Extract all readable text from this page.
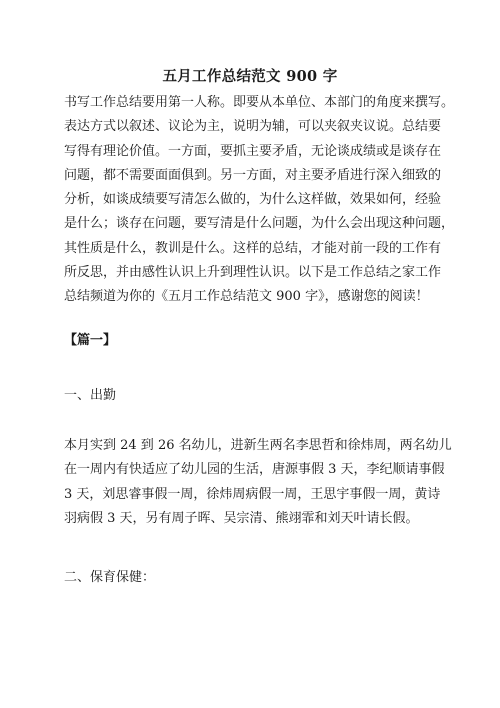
五月工作总结范文 900 字
书写工作总结要用第一人称。即要从本单位、本部门的角度来撰写。
表达方式以叙述、议论为主，说明为辅，可以夹叙夹议说。总结要
写得有理论价值。一方面，要抓主要矛盾，无论谈成绩或是谈存在
问题，都不需要面面俱到。另一方面，对主要矛盾进行深入细致的
分析，如谈成绩要写清怎么做的，为什么这样做，效果如何，经验
是什么；谈存在问题，要写清是什么问题，为什么会出现这种问题，
其性质是什么，教训是什么。这样的总结，才能对前一段的工作有
所反思，并由感性认识上升到理性认识。以下是工作总结之家工作
总结频道为你的《五月工作总结范文 900 字》，感谢您的阅读！
【篇一】
一、出勤
本月实到 24 到 26 名幼儿，进新生两名李思哲和徐炜周，两名幼儿
在一周内有快适应了幼儿园的生活，唐源事假 3 天，李纪顺请事假
3 天，刘思睿事假一周，徐炜周病假一周，王思宇事假一周，黄诗
羽病假 3 天，另有周子晖、吴宗清、熊翊霏和刘天叶请长假。
二、保育保健：
